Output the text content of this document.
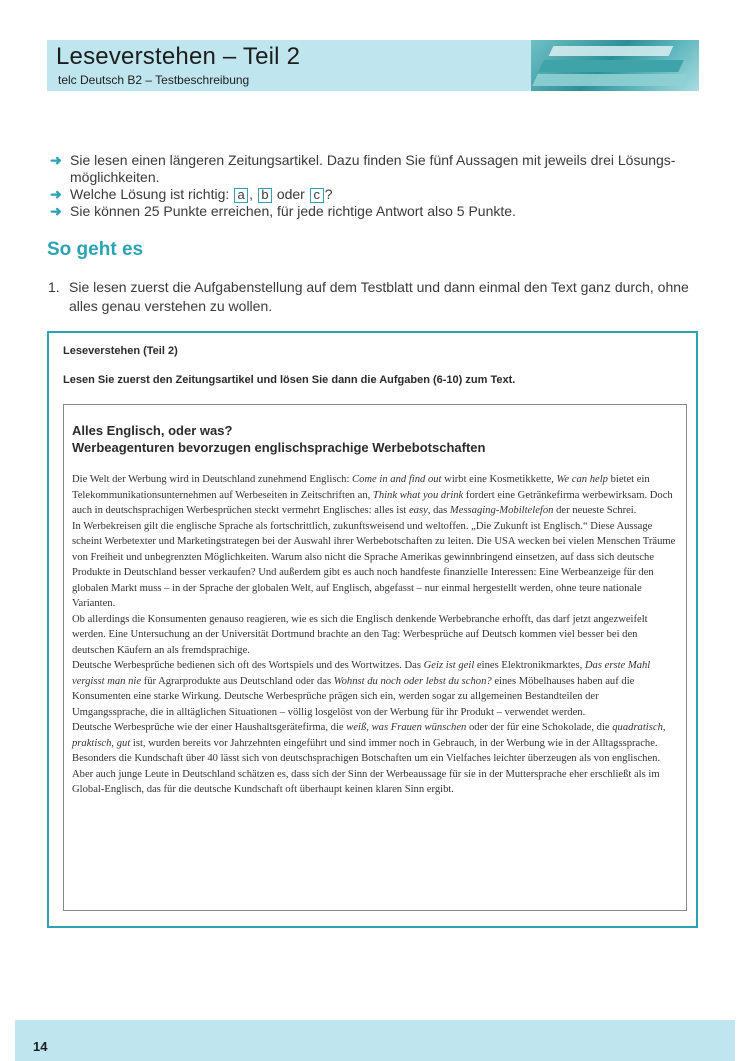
Leseverstehen – Teil 2
telc Deutsch B2 – Testbeschreibung
➜ Sie lesen einen längeren Zeitungsartikel. Dazu finden Sie fünf Aussagen mit jeweils drei Lösungs-möglichkeiten.
➜ Welche Lösung ist richtig: a , b oder c ?
➜ Sie können 25 Punkte erreichen, für jede richtige Antwort also 5 Punkte.
So geht es
1. Sie lesen zuerst die Aufgabenstellung auf dem Testblatt und dann einmal den Text ganz durch, ohne alles genau verstehen zu wollen.
Leseverstehen (Teil 2)
Lesen Sie zuerst den Zeitungsartikel und lösen Sie dann die Aufgaben (6-10) zum Text.
Alles Englisch, oder was?
Werbeagenturen bevorzugen englischsprachige Werbebotschaften

Die Welt der Werbung wird in Deutschland zunehmend Englisch: Come in and find out wirbt eine Kosmetikkette, We can help bietet ein Telekommunikationsunternehmen auf Werbeseiten in Zeitschriften an, Think what you drink fordert eine Getränkefirma werbewirksam. Doch auch in deutschsprachigen Werbesprüchen steckt vermehrt Englisches: alles ist easy, das Messaging-Mobiltelefon der neueste Schrei.

In Werbekreisen gilt die englische Sprache als fortschrittlich, zukunftsweisend und weltoffen. „Die Zukunft ist Englisch.“ Diese Aussage scheint Werbetexter und Marketingstrategen bei der Auswahl ihrer Werbebotschaften zu leiten. Die USA wecken bei vielen Menschen Träume von Freiheit und unbegrenzten Möglichkeiten. Warum also nicht die Sprache Amerikas gewinnbringend einsetzen, auf dass sich deutsche Produkte in Deutschland besser verkaufen? Und außerdem gibt es auch noch handfeste finanzielle Interessen: Eine Werbeanzeige für den globalen Markt muss – in der Sprache der globalen Welt, auf Englisch, abgefasst – nur einmal hergestellt werden, ohne teure nationale Varianten.

Ob allerdings die Konsumenten genauso reagieren, wie es sich die Englisch denkende Werbebranche erhofft, das darf jetzt angezweifelt werden. Eine Untersuchung an der Universität Dortmund brachte an den Tag: Werbesprüche auf Deutsch kommen viel besser bei den deutschen Käufern an als fremdsprachige.

Deutsche Werbesprüche bedienen sich oft des Wortspiels und des Wortwitzes. Das Geiz ist geil eines Elektronikmarktes, Das erste Mahl vergisst man nie für Agrarprodukte aus Deutschland oder das Wohnst du noch oder lebst du schon? eines Möbelhauses haben auf die Konsumenten eine starke Wirkung. Deutsche Werbesprüche prägen sich ein, werden sogar zu allgemeinen Bestandteilen der Umgangssprache, die in alltäglichen Situationen – völlig losgelöst von der Werbung für ihr Produkt – verwendet werden.

Deutsche Werbesprüche wie der einer Haushaltsgerätefirma, die weiß, was Frauen wünschen oder der für eine Schokolade, die quadratisch, praktisch, gut ist, wurden bereits vor Jahrzehnten eingeführt und sind immer noch in Gebrauch, in der Werbung wie in der Alltagssprache. Besonders die Kundschaft über 40 lässt sich von deutschsprachigen Botschaften um ein Vielfaches leichter überzeugen als von englischen. Aber auch junge Leute in Deutschland schätzen es, dass sich der Sinn der Werbeaussage für sie in der Muttersprache eher erschließt als im Global-Englisch, das für die deutsche Kundschaft oft überhaupt keinen klaren Sinn ergibt.

14
